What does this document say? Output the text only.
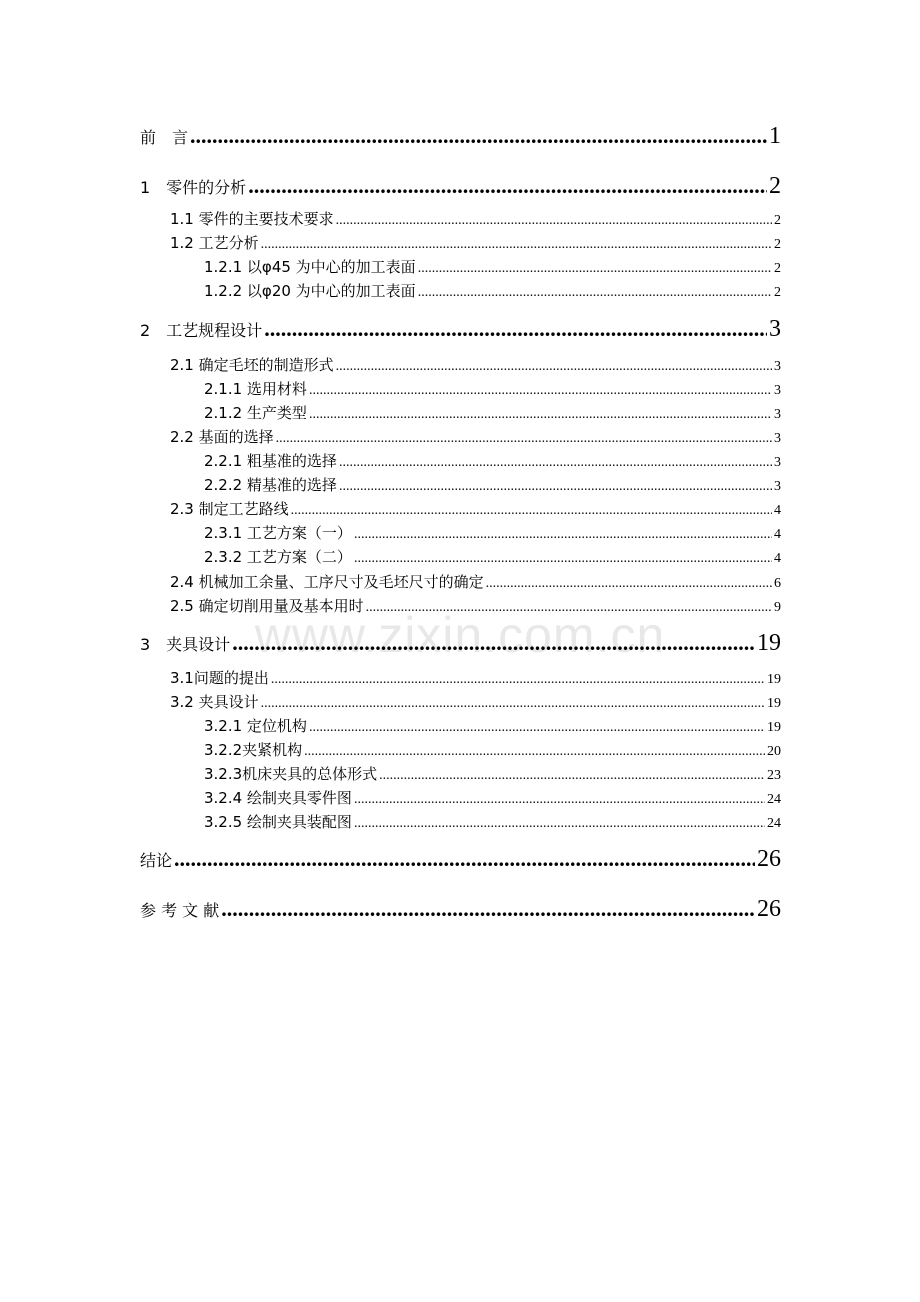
www.zixin.com.cn
前　言 .....	1
1　零件的分析 .....	2
1.1 零件的主要技术要求 .....	2
1.2 工艺分析 .....	2
1.2.1 以φ45 为中心的加工表面 .....	2
1.2.2 以φ20 为中心的加工表面 .....	2
2　工艺规程设计 .....	3
2.1 确定毛坯的制造形式 .....	3
2.1.1 选用材料 .....	3
2.1.2 生产类型 .....	3
2.2 基面的选择 .....	3
2.2.1 粗基准的选择 .....	3
2.2.2 精基准的选择 .....	3
2.3 制定工艺路线 .....	4
2.3.1 工艺方案（一） .....	4
2.3.2 工艺方案（二） .....	4
2.4 机械加工余量、工序尺寸及毛坯尺寸的确定 .....	6
2.5 确定切削用量及基本用时 .....	9
3　夹具设计 .....	19
3.1问题的提出 .....	19
3.2 夹具设计 .....	19
3.2.1 定位机构 .....	19
3.2.2夹紧机构 .....	20
3.2.3机床夹具的总体形式 .....	23
3.2.4 绘制夹具零件图 .....	24
3.2.5 绘制夹具装配图 .....	24
结论 .....	26
参 考 文 献 .....	26
